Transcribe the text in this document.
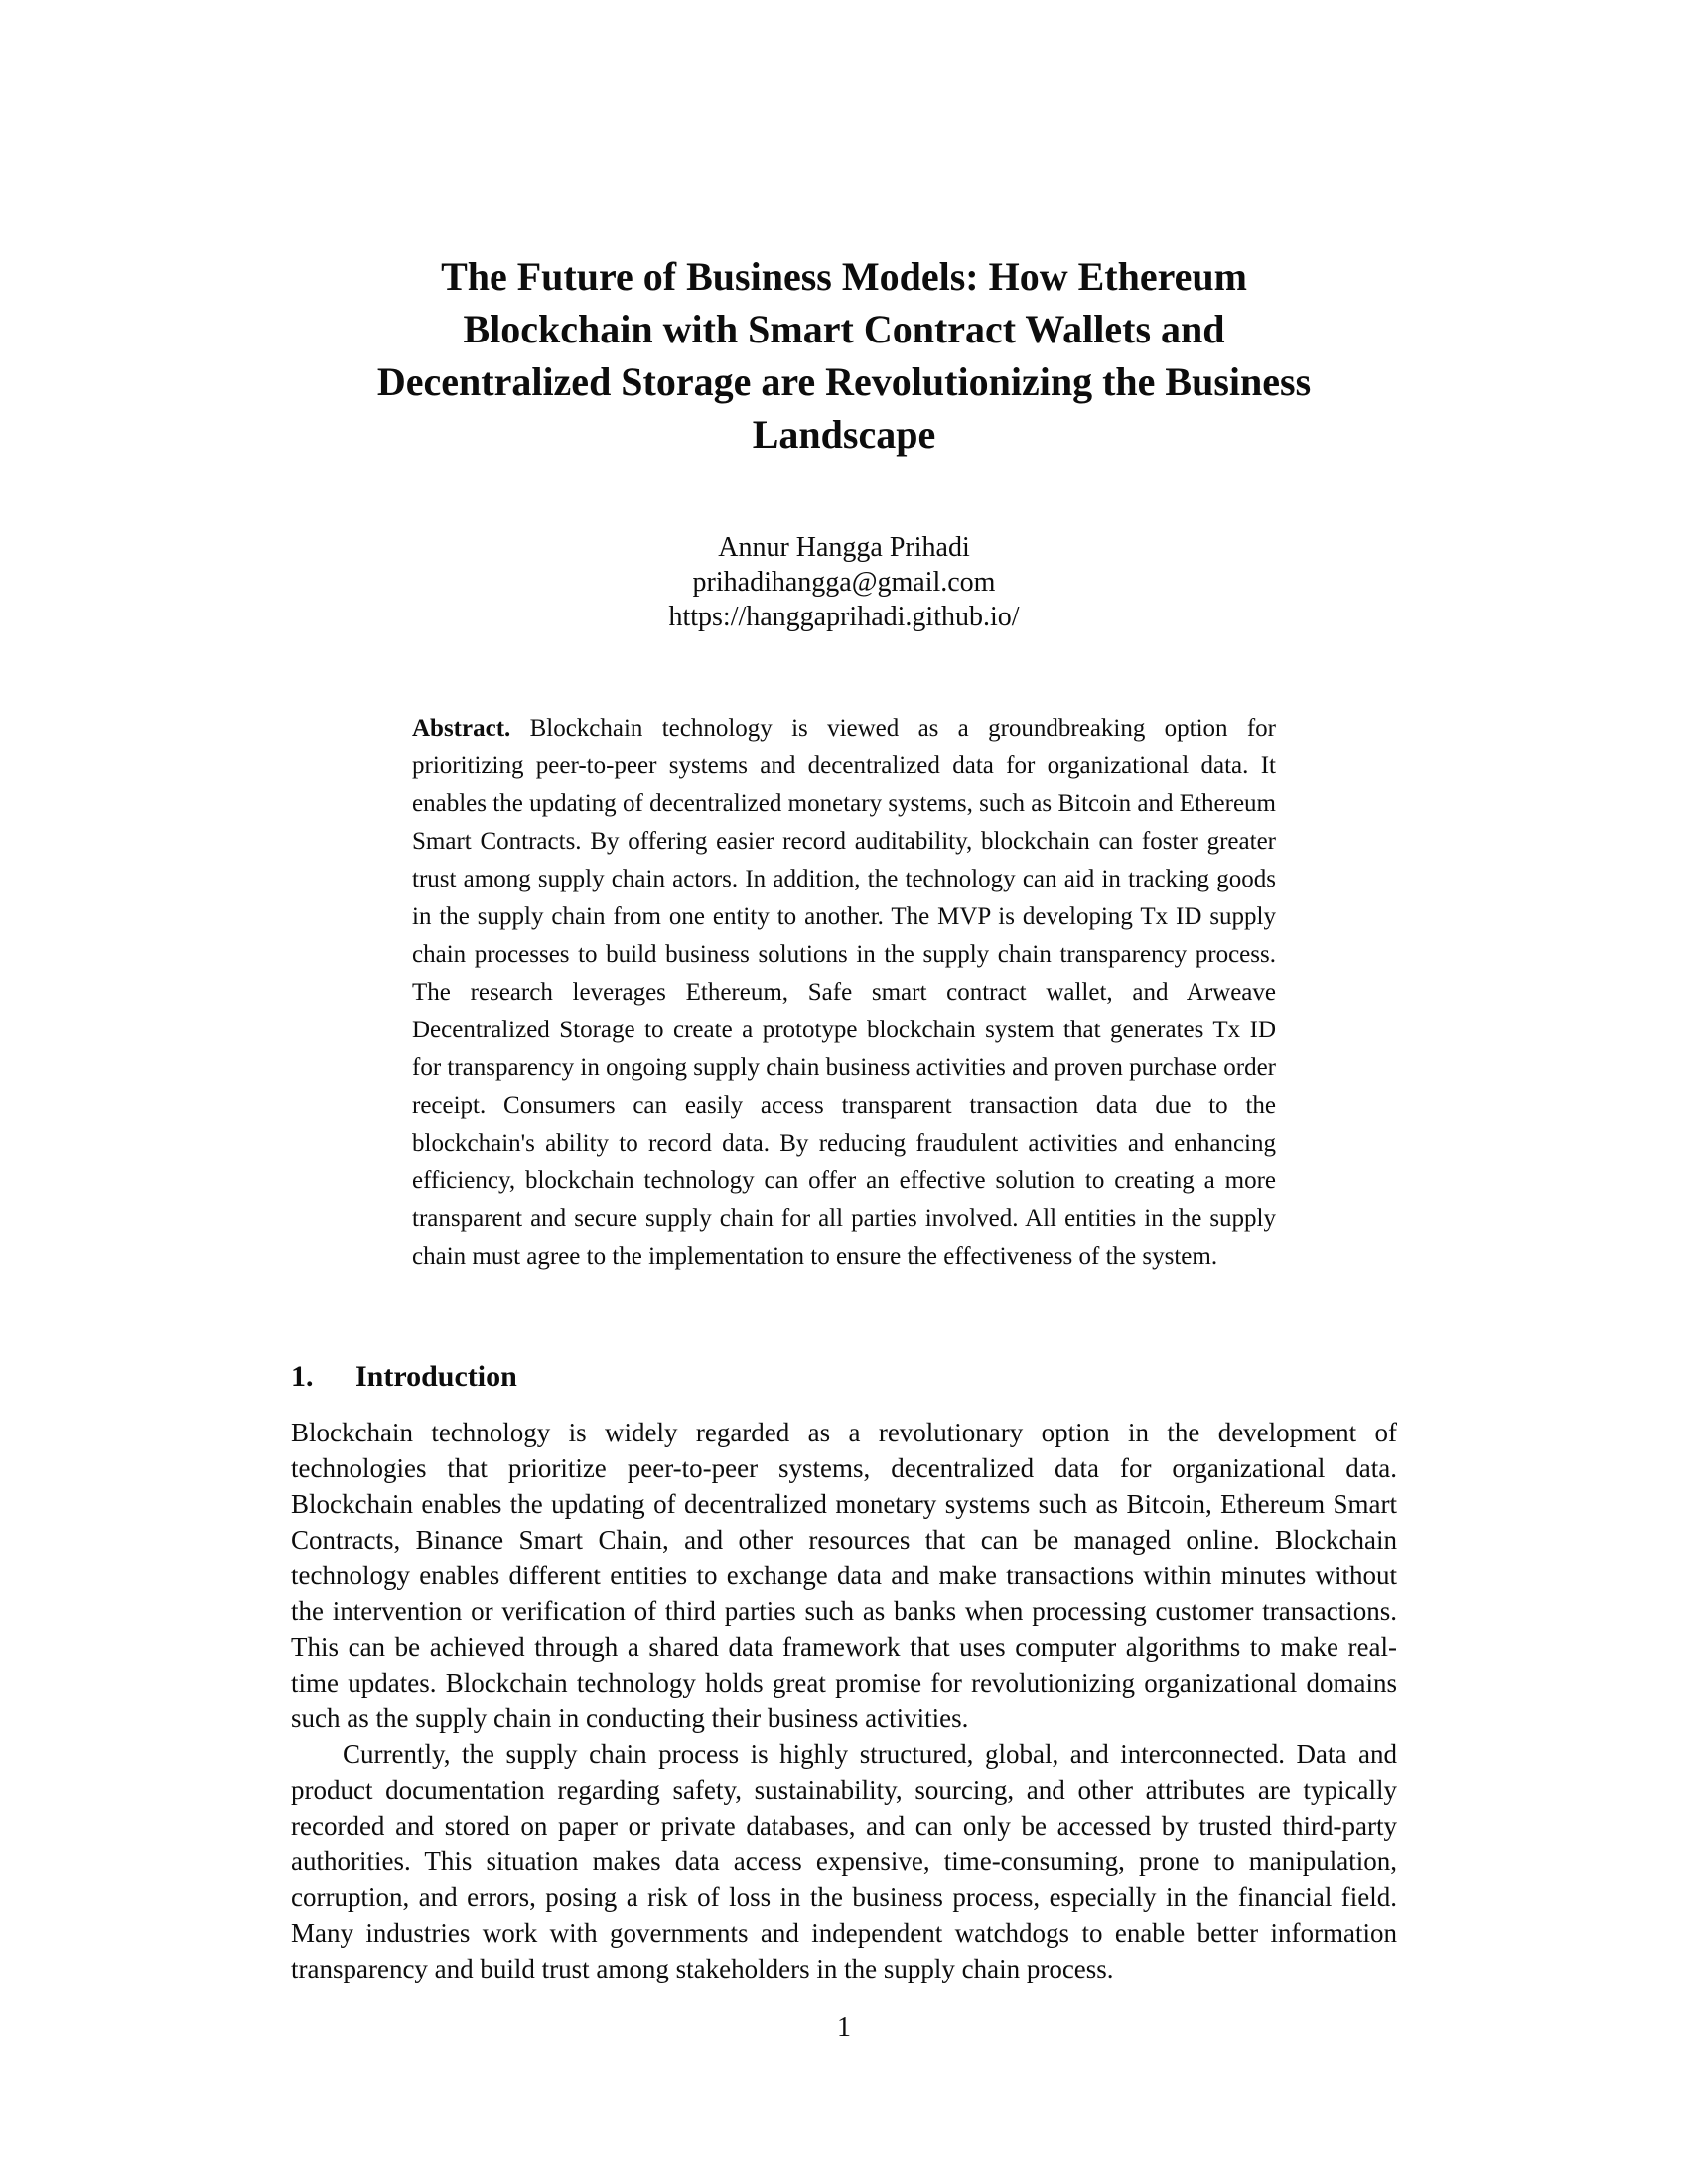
The Future of Business Models: How Ethereum
Blockchain with Smart Contract Wallets and
Decentralized Storage are Revolutionizing the Business
Landscape
Annur Hangga Prihadi
prihadihangga@gmail.com
https://hanggaprihadi.github.io/
Abstract. Blockchain technology is viewed as a groundbreaking option for prioritizing peer-to-peer systems and decentralized data for organizational data. It enables the updating of decentralized monetary systems, such as Bitcoin and Ethereum Smart Contracts. By offering easier record auditability, blockchain can foster greater trust among supply chain actors. In addition, the technology can aid in tracking goods in the supply chain from one entity to another. The MVP is developing Tx ID supply chain processes to build business solutions in the supply chain transparency process. The research leverages Ethereum, Safe smart contract wallet, and Arweave Decentralized Storage to create a prototype blockchain system that generates Tx ID for transparency in ongoing supply chain business activities and proven purchase order receipt. Consumers can easily access transparent transaction data due to the blockchain's ability to record data. By reducing fraudulent activities and enhancing efficiency, blockchain technology can offer an effective solution to creating a more transparent and secure supply chain for all parties involved. All entities in the supply chain must agree to the implementation to ensure the effectiveness of the system.
1. Introduction

Blockchain technology is widely regarded as a revolutionary option in the development of technologies that prioritize peer-to-peer systems, decentralized data for organizational data. Blockchain enables the updating of decentralized monetary systems such as Bitcoin, Ethereum Smart Contracts, Binance Smart Chain, and other resources that can be managed online. Blockchain technology enables different entities to exchange data and make transactions within minutes without the intervention or verification of third parties such as banks when processing customer transactions. This can be achieved through a shared data framework that uses computer algorithms to make real-time updates. Blockchain technology holds great promise for revolutionizing organizational domains such as the supply chain in conducting their business activities.

Currently, the supply chain process is highly structured, global, and interconnected. Data and product documentation regarding safety, sustainability, sourcing, and other attributes are typically recorded and stored on paper or private databases, and can only be accessed by trusted third-party authorities. This situation makes data access expensive, time-consuming, prone to manipulation, corruption, and errors, posing a risk of loss in the business process, especially in the financial field. Many industries work with governments and independent watchdogs to enable better information transparency and build trust among stakeholders in the supply chain process.

1
